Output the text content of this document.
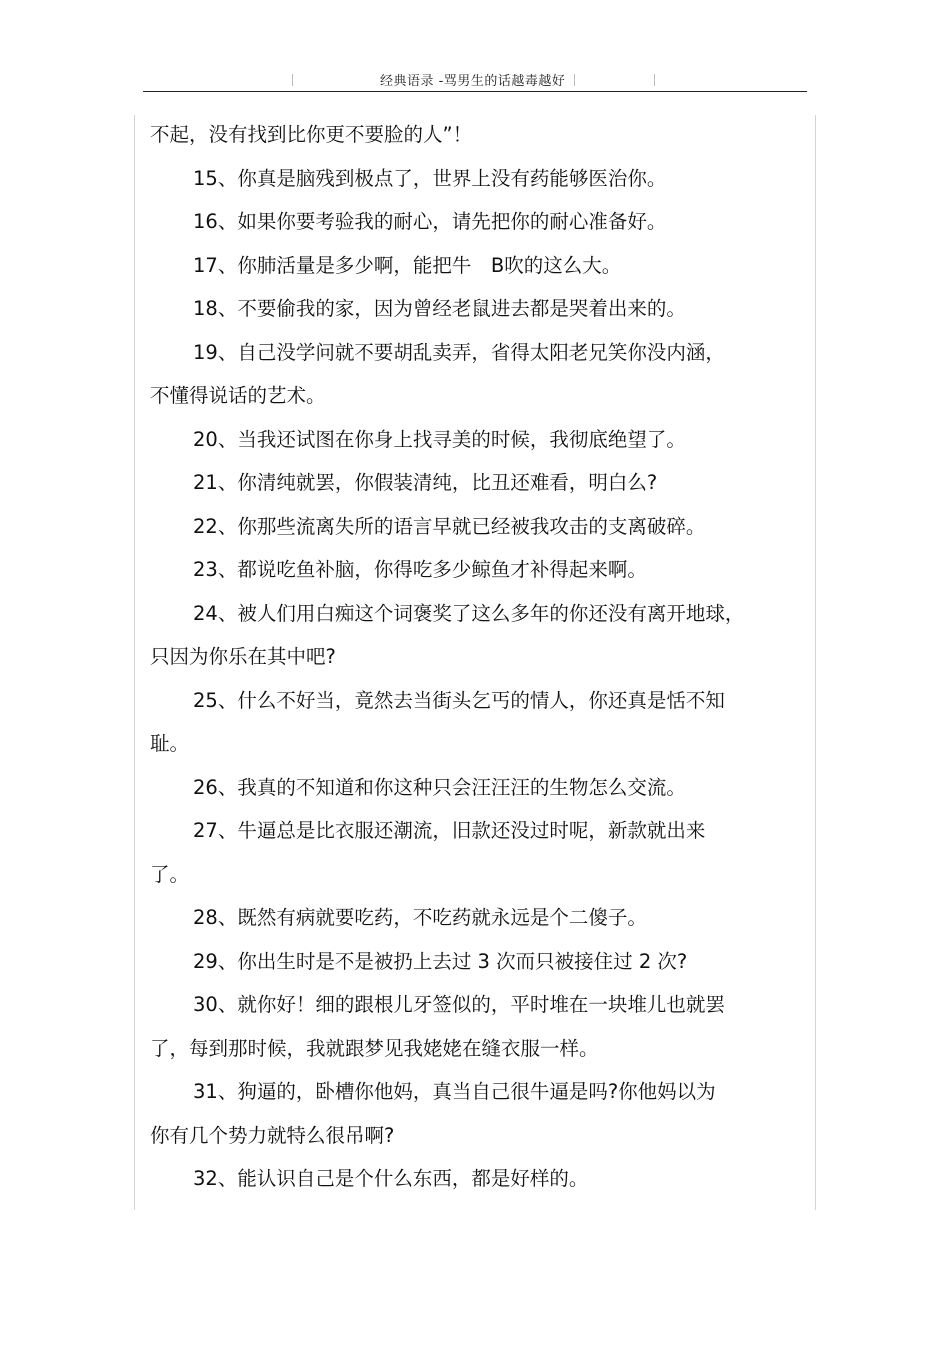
经典语录 -骂男生的话越毒越好
不起，没有找到比你更不要脸的人”！
15、你真是脑残到极点了，世界上没有药能够医治你。
16、如果你要考验我的耐心，请先把你的耐心准备好。
17、你肺活量是多少啊，能把牛　B吹的这么大。
18、不要偷我的家，因为曾经老鼠进去都是哭着出来的。
19、自己没学问就不要胡乱卖弄，省得太阳老兄笑你没内涵，
不懂得说话的艺术。
20、当我还试图在你身上找寻美的时候，我彻底绝望了。
21、你清纯就罢，你假装清纯，比丑还难看，明白么?
22、你那些流离失所的语言早就已经被我攻击的支离破碎。
23、都说吃鱼补脑，你得吃多少鲸鱼才补得起来啊。
24、被人们用白痴这个词褒奖了这么多年的你还没有离开地球，
只因为你乐在其中吧?
25、什么不好当，竟然去当街头乞丐的情人，你还真是恬不知
耻。
26、我真的不知道和你这种只会汪汪汪的生物怎么交流。
27、牛逼总是比衣服还潮流，旧款还没过时呢，新款就出来
了。
28、既然有病就要吃药，不吃药就永远是个二傻子。
29、你出生时是不是被扔上去过 3 次而只被接住过 2 次?
30、就你好！细的跟根儿牙签似的，平时堆在一块堆儿也就罢
了，每到那时候，我就跟梦见我姥姥在缝衣服一样。
31、狗逼的，卧槽你他妈，真当自己很牛逼是吗?你他妈以为
你有几个势力就特么很吊啊?
32、能认识自己是个什么东西，都是好样的。
